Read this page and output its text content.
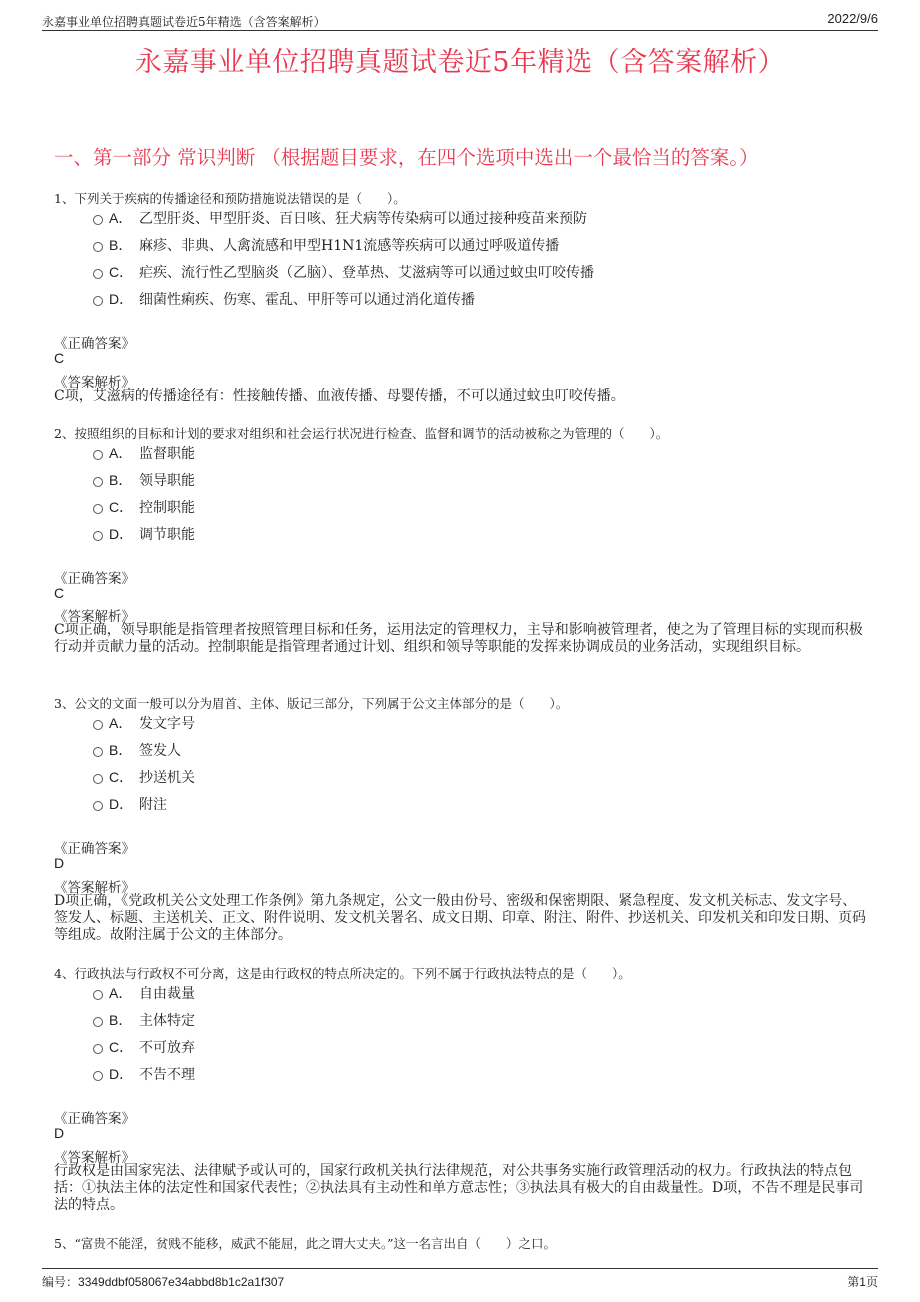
永嘉事业单位招聘真题试卷近5年精选（含答案解析）	2022/9/6
永嘉事业单位招聘真题试卷近5年精选（含答案解析）
一、第一部分 常识判断 （根据题目要求，在四个选项中选出一个最恰当的答案。）
1、下列关于疾病的传播途径和预防措施说法错误的是（　　）。
A． 乙型肝炎、甲型肝炎、百日咳、狂犬病等传染病可以通过接种疫苗来预防
B． 麻疹、非典、人禽流感和甲型H1N1流感等疾病可以通过呼吸道传播
C． 疟疾、流行性乙型脑炎（乙脑）、登革热、艾滋病等可以通过蚊虫叮咬传播
D． 细菌性痢疾、伤寒、霍乱、甲肝等可以通过消化道传播
《正确答案》
C
《答案解析》
C项，艾滋病的传播途径有：性接触传播、血液传播、母婴传播，不可以通过蚊虫叮咬传播。
2、按照组织的目标和计划的要求对组织和社会运行状况进行检查、监督和调节的活动被称之为管理的（　　）。
A． 监督职能
B． 领导职能
C． 控制职能
D． 调节职能
《正确答案》
C
《答案解析》
C项正确，领导职能是指管理者按照管理目标和任务，运用法定的管理权力，主导和影响被管理者，使之为了管理目标的实现而积极行动并贡献力量的活动。控制职能是指管理者通过计划、组织和领导等职能的发挥来协调成员的业务活动，实现组织目标。
3、公文的文面一般可以分为眉首、主体、版记三部分，下列属于公文主体部分的是（　　）。
A． 发文字号
B． 签发人
C． 抄送机关
D． 附注
《正确答案》
D
《答案解析》
D项正确，《党政机关公文处理工作条例》第九条规定，公文一般由份号、密级和保密期限、紧急程度、发文机关标志、发文字号、签发人、标题、主送机关、正文、附件说明、发文机关署名、成文日期、印章、附注、附件、抄送机关、印发机关和印发日期、页码等组成。故附注属于公文的主体部分。
4、行政执法与行政权不可分离，这是由行政权的特点所决定的。下列不属于行政执法特点的是（　　）。
A． 自由裁量
B． 主体特定
C． 不可放弃
D． 不告不理
《正确答案》
D
《答案解析》
行政权是由国家宪法、法律赋予或认可的，国家行政机关执行法律规范，对公共事务实施行政管理活动的权力。行政执法的特点包括：①执法主体的法定性和国家代表性；②执法具有主动性和单方意志性；③执法具有极大的自由裁量性。D项，不告不理是民事司法的特点。
5、“富贵不能淫，贫贱不能移，威武不能屈，此之谓大丈夫。”这一名言出自（　　）之口。
编号：3349ddbf058067e34abbd8b1c2a1f307	第1页
